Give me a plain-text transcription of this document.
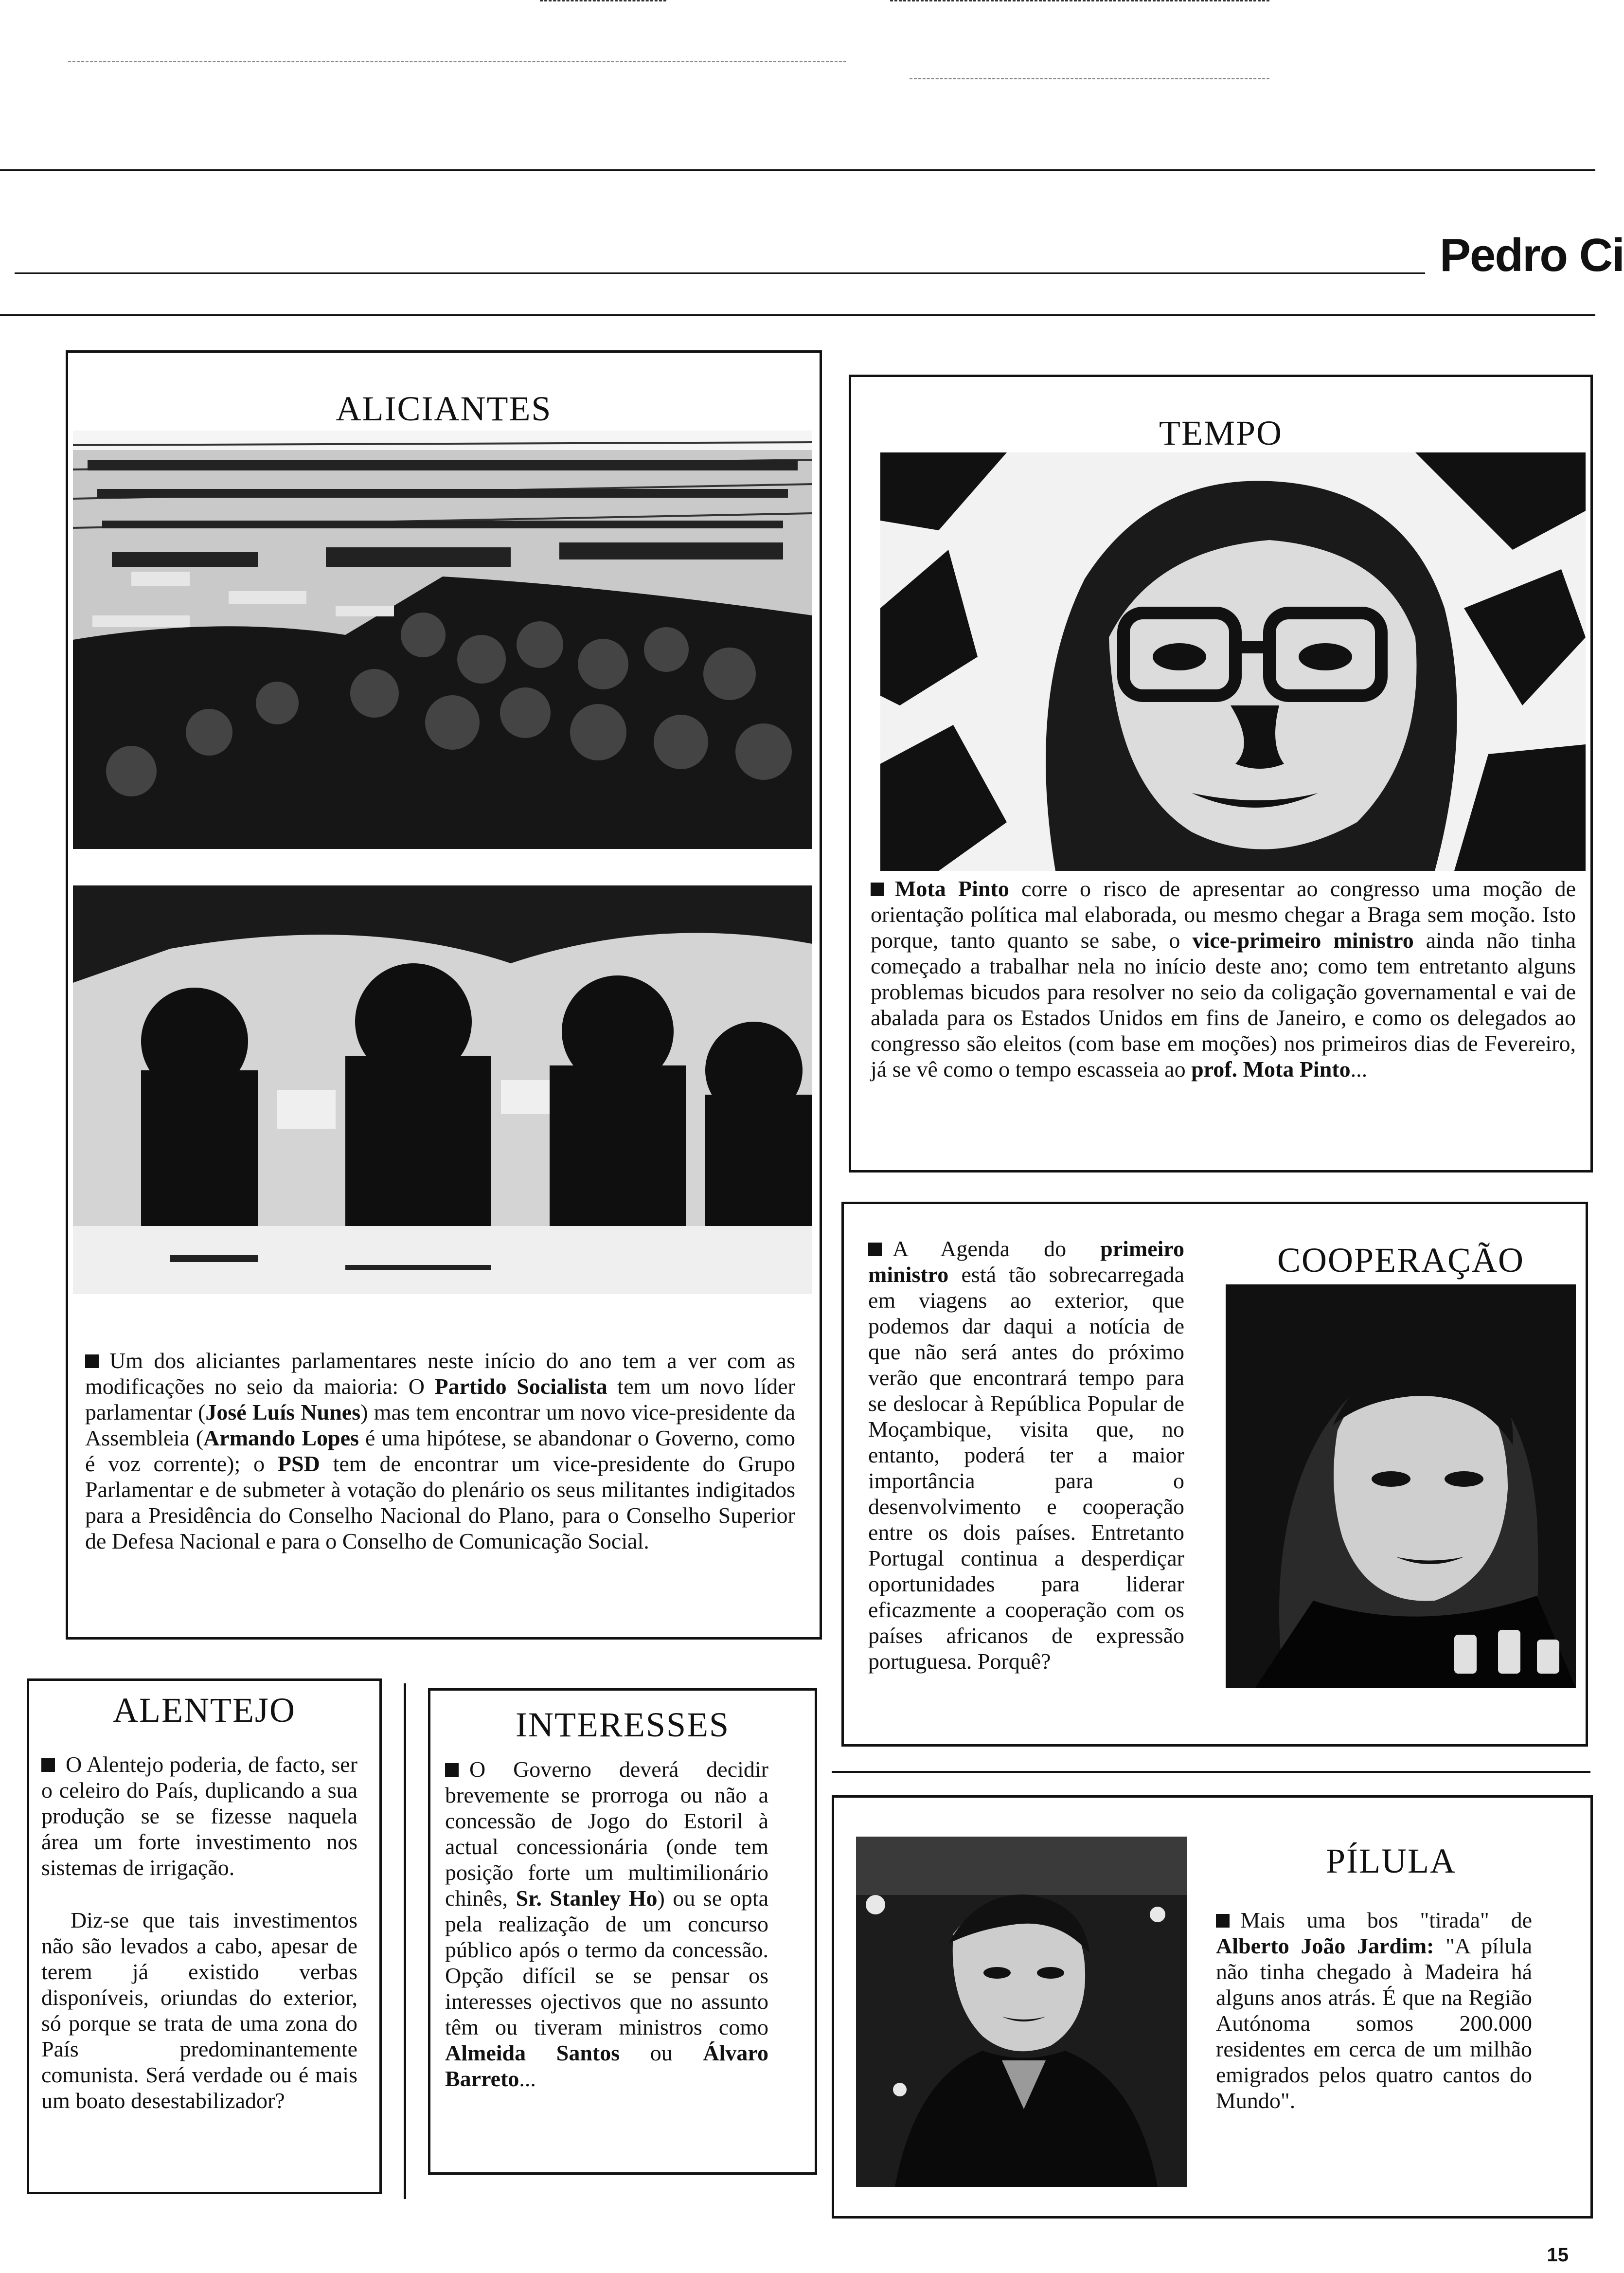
Pedro Ci
ALICIANTES
Um dos aliciantes parlamentares neste início do ano tem a ver com as modificações no seio da maioria: O Partido Socialista tem um novo líder parlamentar (José Luís Nunes) mas tem encontrar um novo vice-presidente da Assembleia (Armando Lopes é uma hipótese, se abandonar o Governo, como é voz corrente); o PSD tem de encontrar um vice-presidente do Grupo Parlamentar e de submeter à votação do plenário os seus militantes indigitados para a Presidência do Conselho Nacional do Plano, para o Conselho Superior de Defesa Nacional e para o Conselho de Comunicação Social.
TEMPO
Mota Pinto corre o risco de apresentar ao congresso uma moção de orientação política mal elaborada, ou mesmo chegar a Braga sem moção. Isto porque, tanto quanto se sabe, o vice-primeiro ministro ainda não tinha começado a trabalhar nela no início deste ano; como tem entretanto alguns problemas bicudos para resolver no seio da coligação governamental e vai de abalada para os Estados Unidos em fins de Janeiro, e como os delegados ao congresso são eleitos (com base em moções) nos primeiros dias de Fevereiro, já se vê como o tempo escasseia ao prof. Mota Pinto...
A Agenda do primeiro ministro está tão sobrecarregada em viagens ao exterior, que podemos dar daqui a notícia de que não será antes do próximo verão que encontrará tempo para se deslocar à República Popular de Moçambique, visita que, no entanto, poderá ter a maior importância para o desenvolvimento e cooperação entre os dois países. Entretanto Portugal continua a desperdiçar oportunidades para liderar eficazmente a cooperação com os países africanos de expressão portuguesa. Porquê?
COOPERAÇÃO
ALENTEJO
O Alentejo poderia, de facto, ser o celeiro do País, duplicando a sua produção se se fizesse naquela área um forte investimento nos sistemas de irrigação.
Diz-se que tais investimentos não são levados a cabo, apesar de terem já existido verbas disponíveis, oriundas do exterior, só porque se trata de uma zona do País predominantemente comunista. Será verdade ou é mais um boato desestabilizador?
INTERESSES
O Governo deverá decidir brevemente se prorroga ou não a concessão de Jogo do Estoril à actual concessionária (onde tem posição forte um multimilionário chinês, Sr. Stanley Ho) ou se opta pela realização de um concurso público após o termo da concessão. Opção difícil se se pensar os interesses ojectivos que no assunto têm ou tiveram ministros como Almeida Santos ou Álvaro Barreto...
PÍLULA
Mais uma bos "tirada" de Alberto João Jardim: "A pílula não tinha chegado à Madeira há alguns anos atrás. É que na Região Autónoma somos 200.000 residentes em cerca de um milhão emigrados pelos quatro cantos do Mundo".
15
